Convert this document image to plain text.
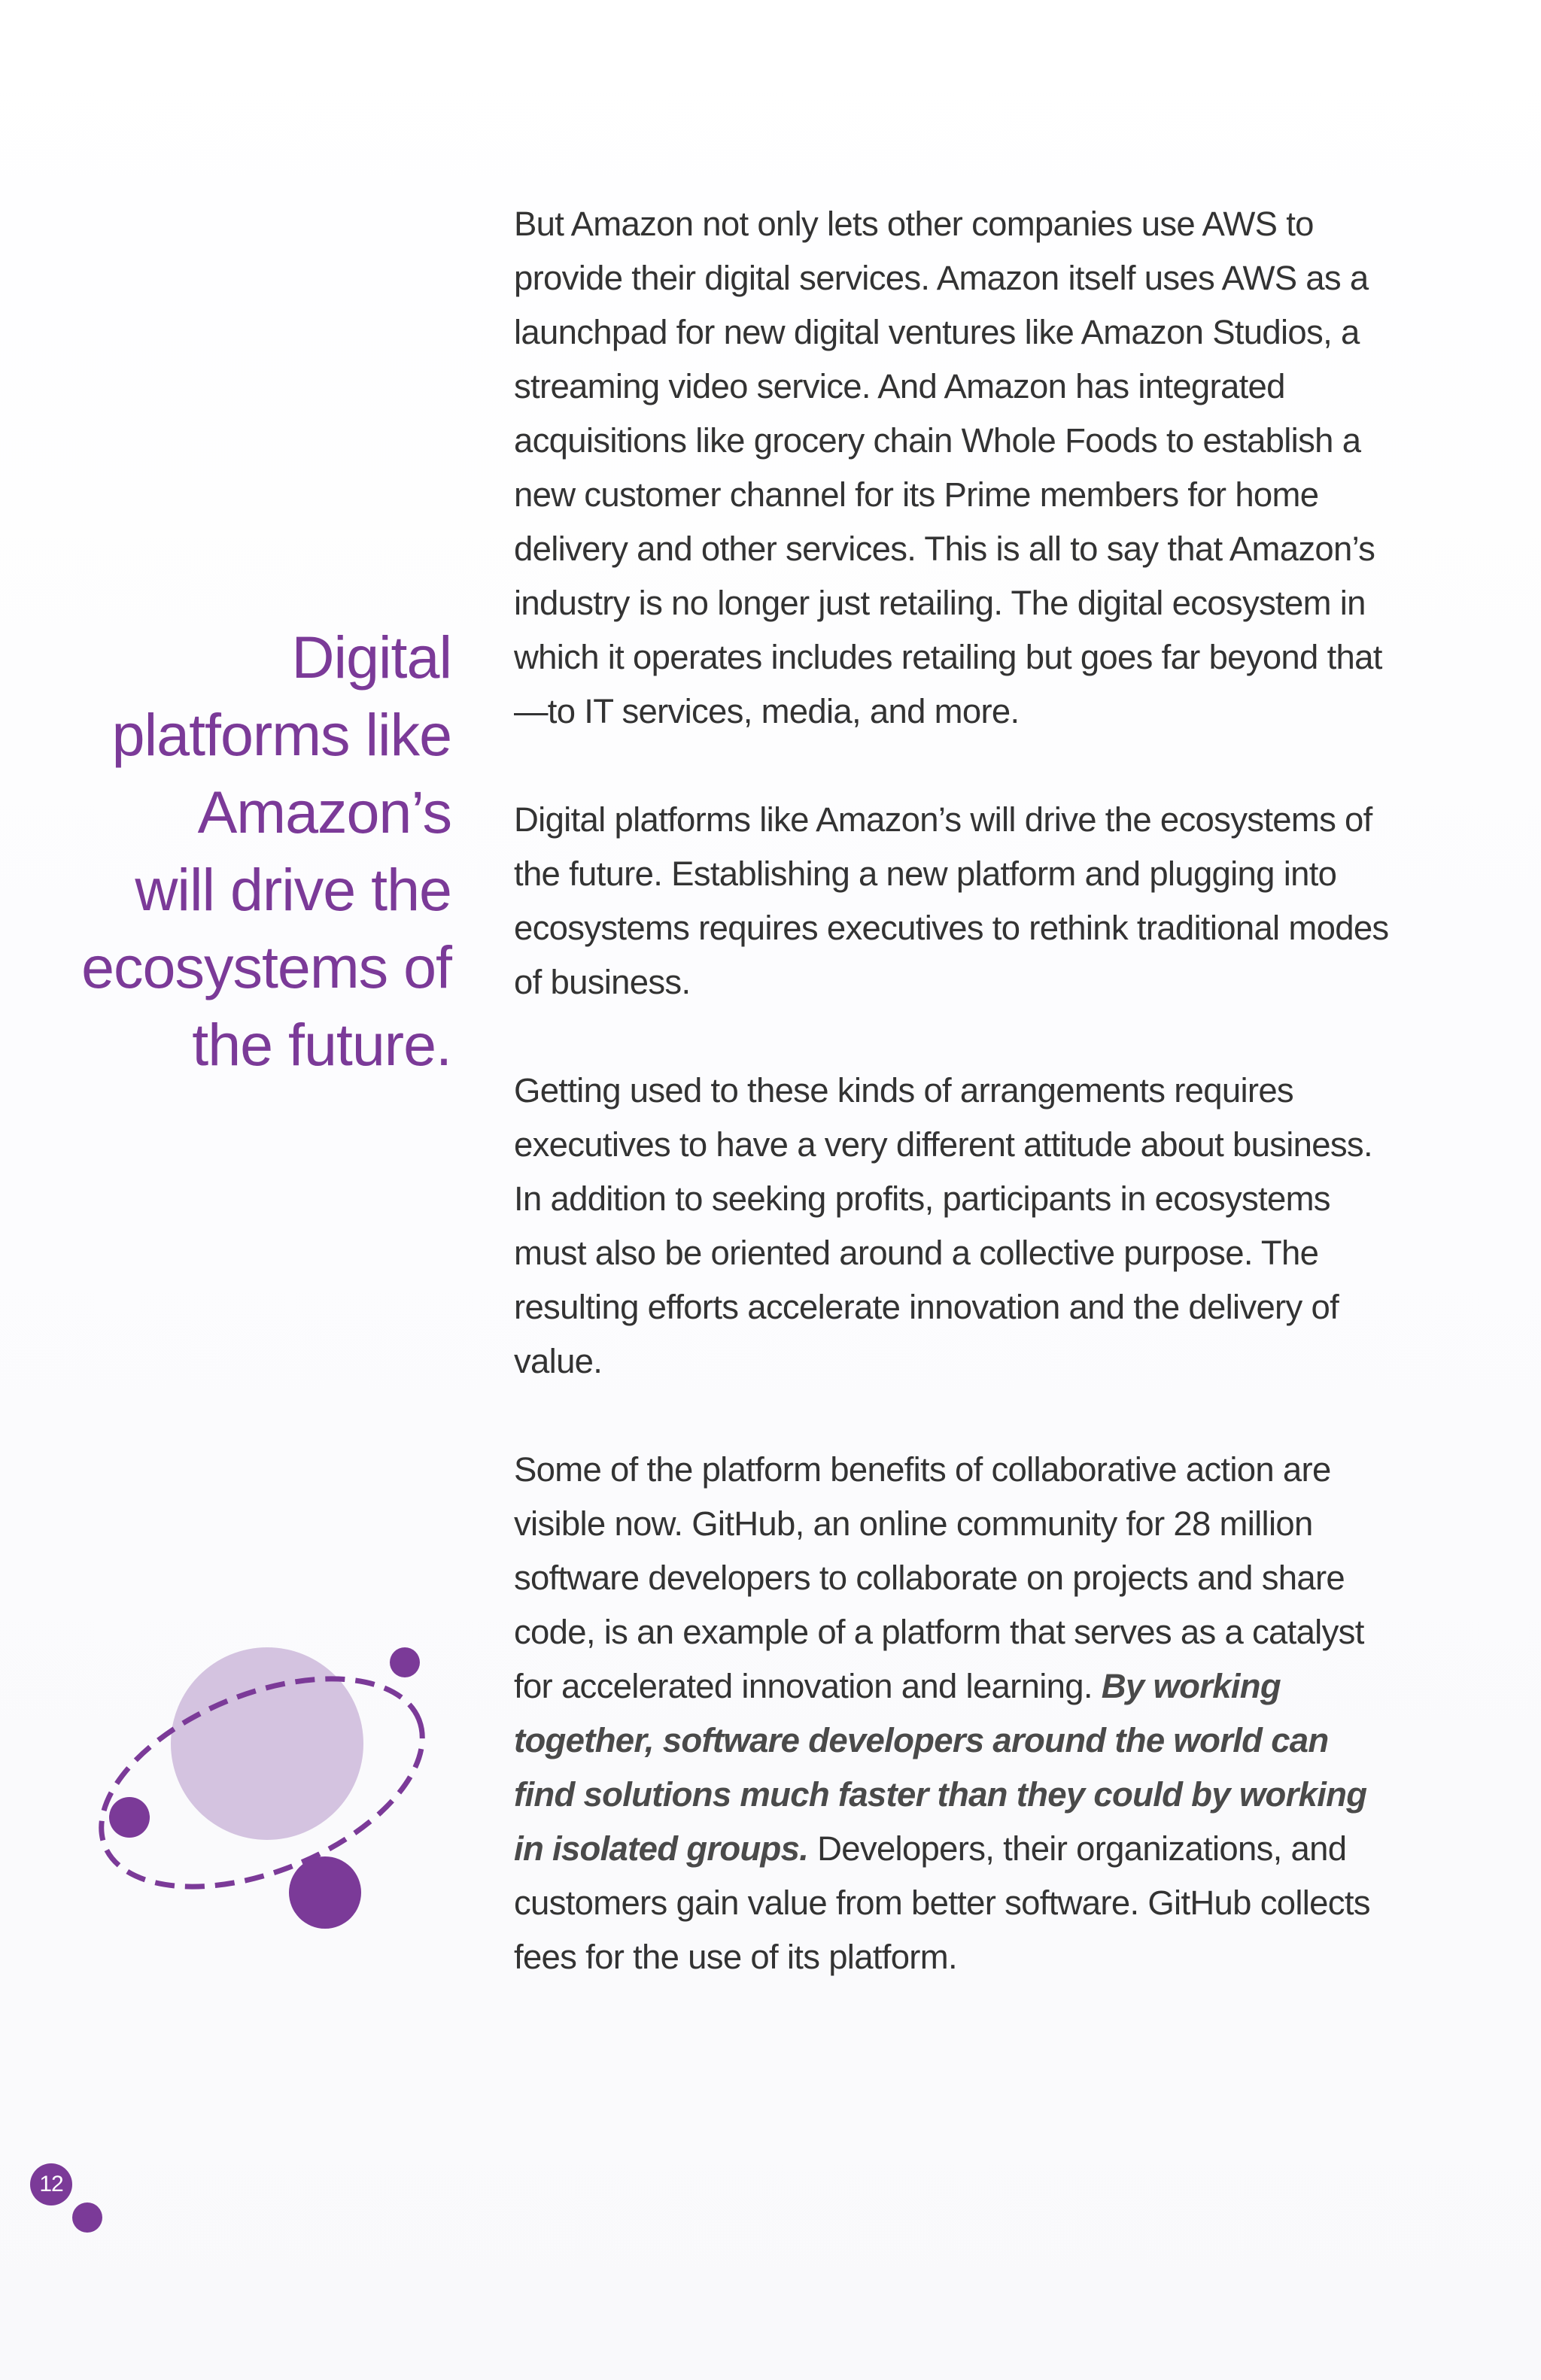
Digital
platforms like
Amazon’s
will drive the
ecosystems of
the future.

But Amazon not only lets other companies use AWS to provide their digital services. Amazon itself uses AWS as a launchpad for new digital ventures like Amazon Studios, a streaming video service. And Amazon has integrated acquisitions like grocery chain Whole Foods to establish a new customer channel for its Prime members for home delivery and other services. This is all to say that Amazon’s industry is no longer just retailing. The digital ecosystem in which it operates includes retailing but goes far beyond that—to IT services, media, and more.

Digital platforms like Amazon’s will drive the ecosystems of the future. Establishing a new platform and plugging into ecosystems requires executives to rethink traditional modes of business.

Getting used to these kinds of arrangements requires executives to have a very different attitude about business. In addition to seeking profits, participants in ecosystems must also be oriented around a collective purpose. The resulting efforts accelerate innovation and the delivery of value.

Some of the platform benefits of collaborative action are visible now. GitHub, an online community for 28 million software developers to collaborate on projects and share code, is an example of a platform that serves as a catalyst for accelerated innovation and learning. By working together, software developers around the world can find solutions much faster than they could by working in isolated groups. Developers, their organizations, and customers gain value from better software. GitHub collects fees for the use of its platform.

12
